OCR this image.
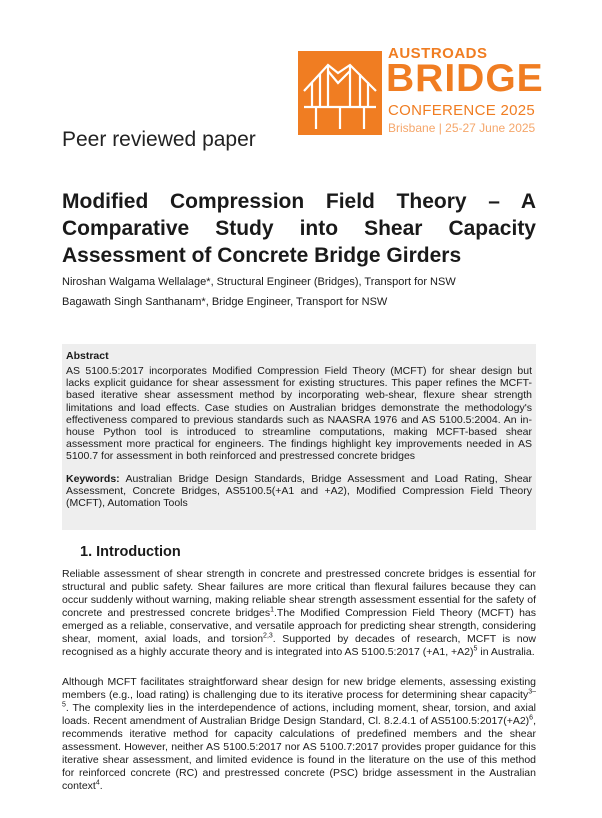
AUSTROADS
BRIDGE
CONFERENCE 2025
Brisbane | 25-27 June 2025
Peer reviewed paper
Modified Compression Field Theory – A Comparative Study into Shear Capacity Assessment of Concrete Bridge Girders
Niroshan Walgama Wellalage*, Structural Engineer (Bridges), Transport for NSW
Bagawath Singh Santhanam*, Bridge Engineer, Transport for NSW
Abstract
AS 5100.5:2017 incorporates Modified Compression Field Theory (MCFT) for shear design but lacks explicit guidance for shear assessment for existing structures. This paper refines the MCFT-based iterative shear assessment method by incorporating web-shear, flexure shear strength limitations and load effects. Case studies on Australian bridges demonstrate the methodology's effectiveness compared to previous standards such as NAASRA 1976 and AS 5100.5:2004. An in-house Python tool is introduced to streamline computations, making MCFT-based shear assessment more practical for engineers. The findings highlight key improvements needed in AS 5100.7 for assessment in both reinforced and prestressed concrete bridges
Keywords: Australian Bridge Design Standards, Bridge Assessment and Load Rating, Shear Assessment, Concrete Bridges, AS5100.5(+A1 and +A2), Modified Compression Field Theory (MCFT), Automation Tools
1. Introduction
Reliable assessment of shear strength in concrete and prestressed concrete bridges is essential for structural and public safety. Shear failures are more critical than flexural failures because they can occur suddenly without warning, making reliable shear strength assessment essential for the safety of concrete and prestressed concrete bridges$^1$.The Modified Compression Field Theory (MCFT) has emerged as a reliable, conservative, and versatile approach for predicting shear strength, considering shear, moment, axial loads, and torsion$^{2,3}$. Supported by decades of research, MCFT is now recognised as a highly accurate theory and is integrated into AS 5100.5:2017 (+A1, +A2)$^5$ in Australia.
Although MCFT facilitates straightforward shear design for new bridge elements, assessing existing members (e.g., load rating) is challenging due to its iterative process for determining shear capacity$^{3-5}$. The complexity lies in the interdependence of actions, including moment, shear, torsion, and axial loads. Recent amendment of Australian Bridge Design Standard, Cl. 8.2.4.1 of $AS5100.5:2017(+A2)^6$, recommends iterative method for capacity calculations of predefined members and the shear assessment. However, neither AS 5100.5:2017 nor AS 5100.7:2017 provides proper guidance for this iterative shear assessment, and limited evidence is found in the literature on the use of this method for reinforced concrete (RC) and prestressed concrete (PSC) bridge assessment in the Australian context$^4$.
